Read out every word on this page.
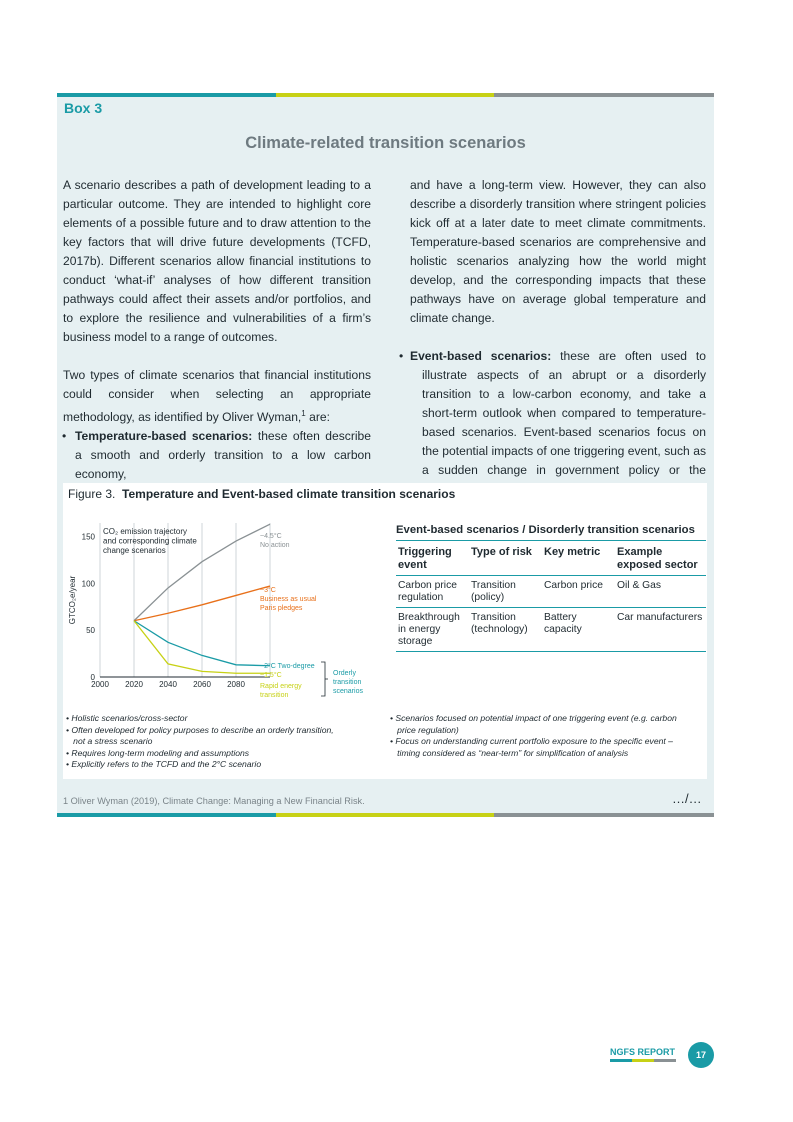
Box 3
Climate-related transition scenarios

A scenario describes a path of development leading to a particular outcome. They are intended to highlight core elements of a possible future and to draw attention to the key factors that will drive future developments (TCFD, 2017b). Different scenarios allow financial institutions to conduct ‘what-if’ analyses of how different transition pathways could affect their assets and/or portfolios, and to explore the resilience and vulnerabilities of a firm’s business model to a range of outcomes.

Two types of climate scenarios that financial institutions could consider when selecting an appropriate methodology, as identified by Oliver Wyman,$^1$ are:

• Temperature-based scenarios: these often describe a smooth and orderly transition to a low carbon economy,

and have a long-term view. However, they can also describe a disorderly transition where stringent policies kick off at a later date to meet climate commitments. Temperature-based scenarios are comprehensive and holistic scenarios analyzing how the world might develop, and the corresponding impacts that these pathways have on average global temperature and climate change.

• Event-based scenarios: these are often used to illustrate aspects of an abrupt or a disorderly transition to a low-carbon economy, and take a short-term outlook when compared to temperature-based scenarios. Event-based scenarios focus on the potential impacts of one triggering event, such as a sudden change in government policy or the
Figure 3. Temperature and Event-based climate transition scenarios
0
50
100
150
2000 2020 2040 2060 2080
GTCO₂e/year
CO₂ emission trajectory
and corresponding climate
change scenarios
~4.5°C
No action
~3°C
Business as usual
Paris pledges
~2°C Two-degree
~1.5°C
Rapid energy
transition
Orderly
transition
scenarios
• Holistic scenarios/cross-sector
• Often developed for policy purposes to describe an orderly transition,
not a stress scenario
• Requires long-term modeling and assumptions
• Explicitly refers to the TCFD and the 2°C scenario
Event-based scenarios / Disorderly transition scenarios
Triggering event	Type of risk	Key metric	Example exposed sector
Carbon price regulation	Transition (policy)	Carbon price	Oil & Gas
Breakthrough in energy storage	Transition (technology)	Battery capacity	Car manufacturers
• Scenarios focused on potential impact of one triggering event (e.g. carbon
price regulation)
• Focus on understanding current portfolio exposure to the specific event –
timing considered as “near-term” for simplification of analysis
1 Oliver Wyman (2019), Climate Change: Managing a New Financial Risk.	…/…
NGFS REPORT	17
